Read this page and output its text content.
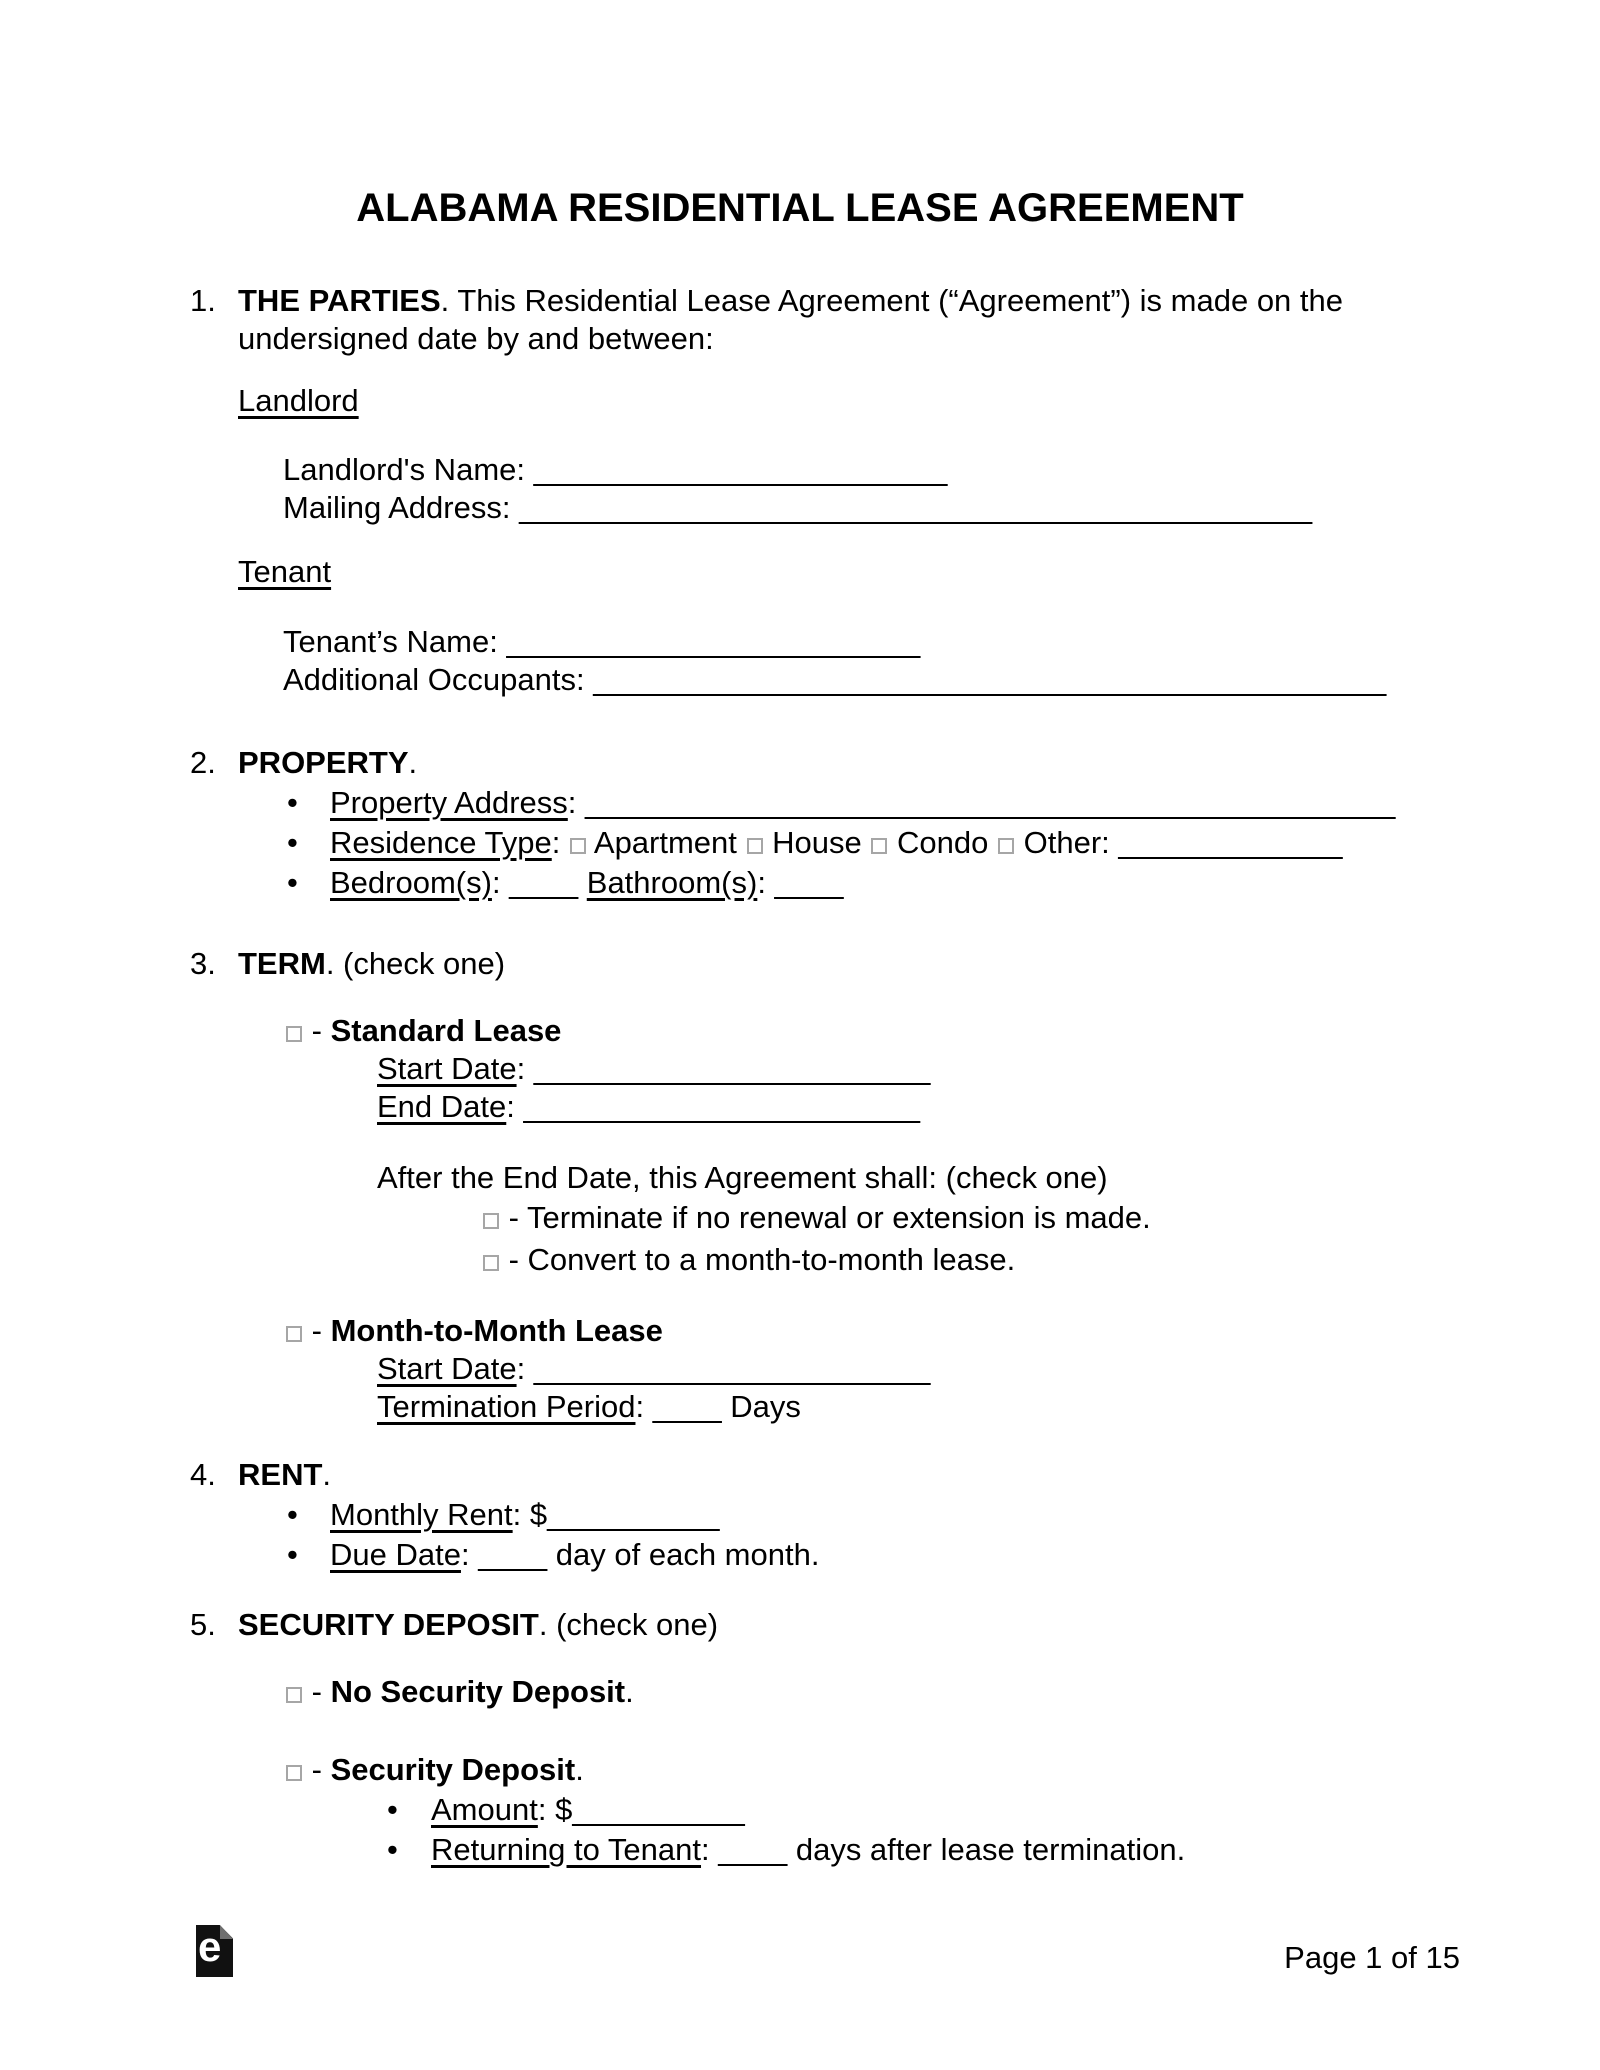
ALABAMA RESIDENTIAL LEASE AGREEMENT
1. THE PARTIES. This Residential Lease Agreement (“Agreement”) is made on the
undersigned date by and between:
Landlord
Landlord's Name: ________________________
Mailing Address: ______________________________________________
Tenant
Tenant’s Name: ________________________
Additional Occupants: ______________________________________________
2. PROPERTY.
• Property Address: _______________________________________________
• Residence Type:  Apartment House Condo Other: _____________
• Bedroom(s): ____ Bathroom(s): ____
3. TERM. (check one)
- Standard Lease
Start Date: _______________________
End Date: _______________________
After the End Date, this Agreement shall: (check one)
- Terminate if no renewal or extension is made.
- Convert to a month-to-month lease.
- Month-to-Month Lease
Start Date: _______________________
Termination Period: ____ Days
4. RENT.
• Monthly Rent: $__________
• Due Date: ____ day of each month.
5. SECURITY DEPOSIT. (check one)
- No Security Deposit.
- Security Deposit.
• Amount: $__________
• Returning to Tenant: ____ days after lease termination.
e	Page 1 of 15
